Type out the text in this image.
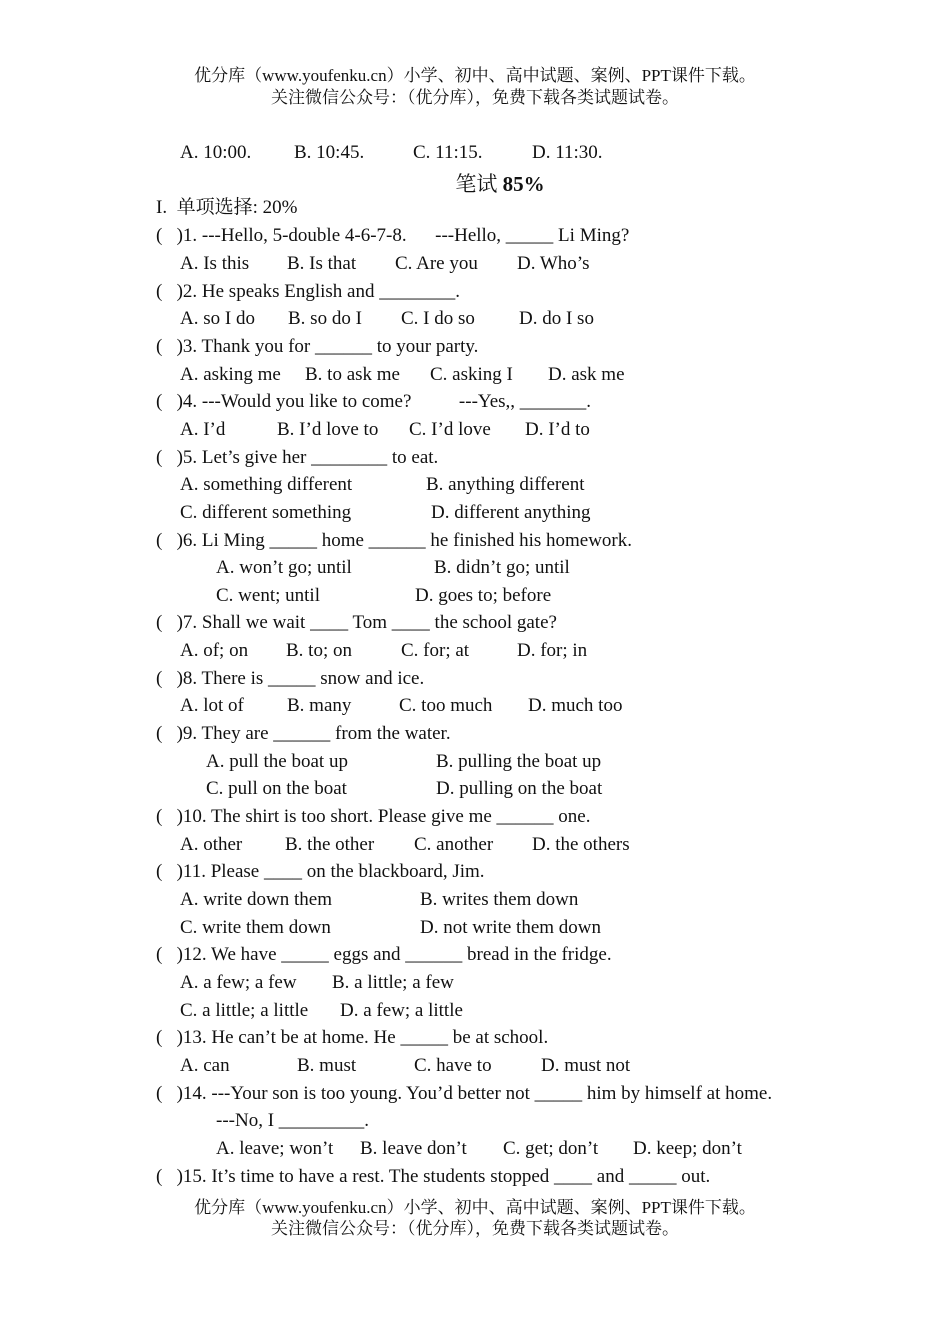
优分库（www.youfenku.cn）小学、初中、高中试题、案例、PPT课件下载。
关注微信公众号：（优分库），免费下载各类试题试卷。
A. 10:00. B. 10:45.	C. 11:15.	D. 11:30.
笔试 85%
I.  单项选择: 20%
(   )1. ---Hello, 5-double 4-6-7-8.      ---Hello, _____ Li Ming?
A. Is this B. Is that C. Are you D. Who’s
(   )2. He speaks English and ________.
A. so I do B. so do I C. I do so D. do I so
(   )3. Thank you for ______ to your party.
A. asking me B. to ask me C. asking I D. ask me
(   )4. ---Would you like to come?          ---Yes,, _______.
A. I’d	B. I’d love to C. I’d love D. I’d to
(   )5. Let’s give her ________ to eat.
A. something different	B. anything different
C. different something	D. different anything
(   )6. Li Ming _____ home ______ he finished his homework.
A. won’t go; until	B. didn’t go; until
C. went; until	D. goes to; before
(   )7. Shall we wait ____ Tom ____ the school gate?
A. of; on B. to; on	C. for; at	D. for; in
(   )8. There is _____ snow and ice.
A. lot of B. many	C. too much D. much too
(   )9. They are ______ from the water.
A. pull the boat up	B. pulling the boat up
C. pull on the boat	D. pulling on the boat
(   )10. The shirt is too short. Please give me ______ one.
A. other B. the other C. another D. the others
(   )11. Please ____ on the blackboard, Jim.
A. write down them	B. writes them down
C. write them down	D. not write them down
(   )12. We have _____ eggs and ______ bread in the fridge.
A. a few; a few B. a little; a few
C. a little; a little D. a few; a little
(   )13. He can’t be at home. He _____ be at school.
A. can	B. must	C. have to	D. must not
(   )14. ---Your son is too young. You’d better not _____ him by himself at home.
---No, I _________.
A. leave; won’t B. leave don’t C. get; don’t D. keep; don’t
(   )15. It’s time to have a rest. The students stopped ____ and _____ out.
优分库（www.youfenku.cn）小学、初中、高中试题、案例、PPT课件下载。
关注微信公众号：（优分库），免费下载各类试题试卷。
